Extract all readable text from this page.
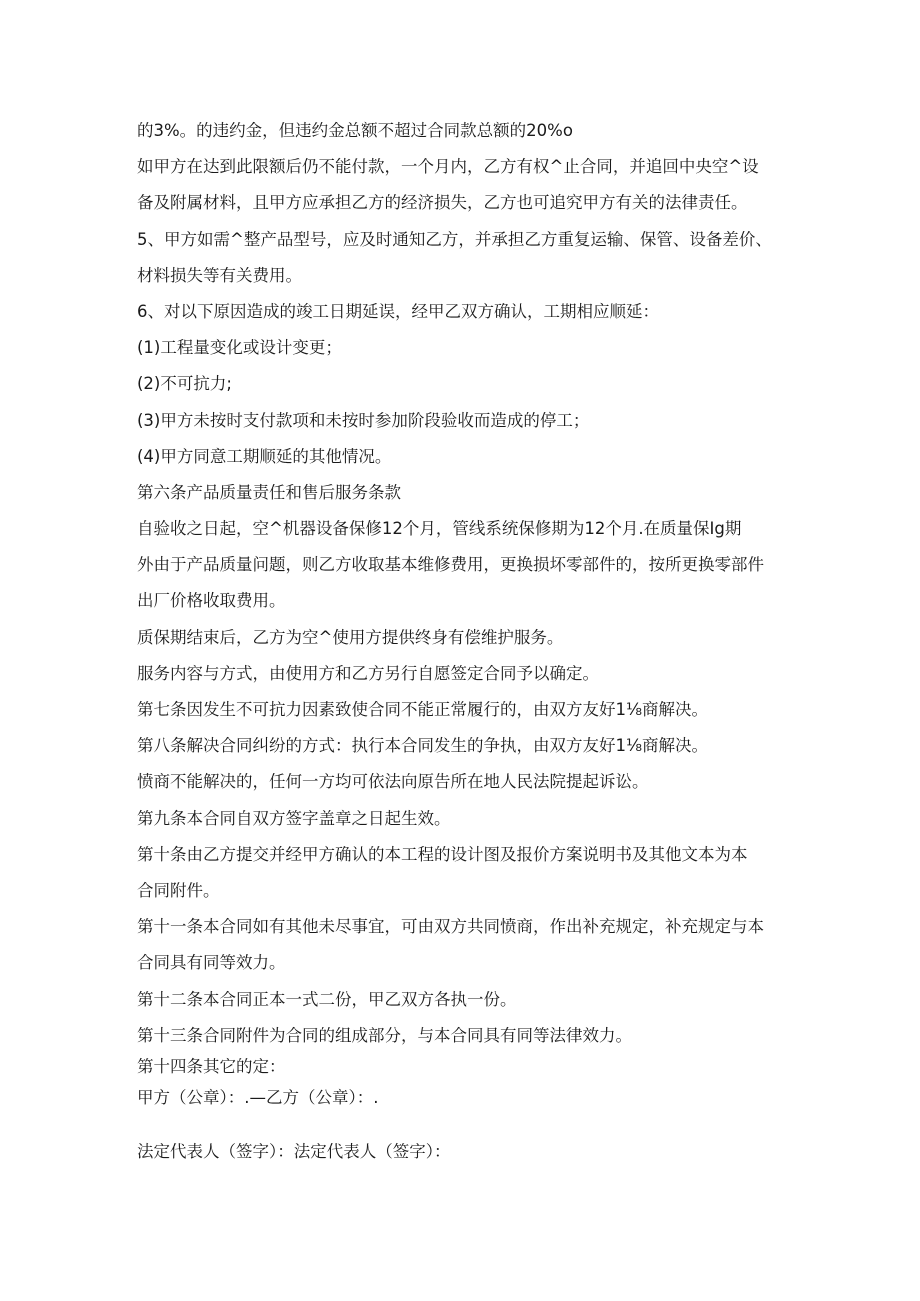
的3%。的违约金，但违约金总额不超过合同款总额的20%o

如甲方在达到此限额后仍不能付款，一个月内，乙方有权^止合同，并追回中央空^设

备及附属材料，且甲方应承担乙方的经济损失，乙方也可追究甲方有关的法律责任。

5、甲方如需^整产品型号，应及时通知乙方，并承担乙方重复运输、保管、设备差价、

材料损失等有关费用。

6、对以下原因造成的竣工日期延误，经甲乙双方确认，工期相应顺延：

(1)工程量变化或设计变更；

(2)不可抗力;

(3)甲方未按时支付款项和未按时参加阶段验收而造成的停工；

(4)甲方同意工期顺延的其他情况。

第六条产品质量责任和售后服务条款

自验收之日起，空^机器设备保修12个月，管线系统保修期为12个月.在质量保Ig期

外由于产品质量问题，则乙方收取基本维修费用，更换损坏零部件的，按所更换零部件

出厂价格收取费用。

质保期结束后，乙方为空^使用方提供终身有偿维护服务。

服务内容与方式，由使用方和乙方另行自愿签定合同予以确定。

第七条因发生不可抗力因素致使合同不能正常履行的，由双方友好1⅛商解决。

第八条解决合同纠纷的方式：执行本合同发生的争执，由双方友好1⅛商解决。

愤商不能解决的，任何一方均可依法向原告所在地人民法院提起诉讼。

第九条本合同自双方签字盖章之日起生效。

第十条由乙方提交并经甲方确认的本工程的设计图及报价方案说明书及其他文本为本

合同附件。

第十一条本合同如有其他未尽事宜，可由双方共同愤商，作出补充规定，补充规定与本

合同具有同等效力。

第十二条本合同正本一式二份，甲乙双方各执一份。

第十三条合同附件为合同的组成部分，与本合同具有同等法律效力。

第十四条其它的定：

甲方（公章）：.—乙方（公章）：.

法定代表人（签字）：法定代表人（签字）：
